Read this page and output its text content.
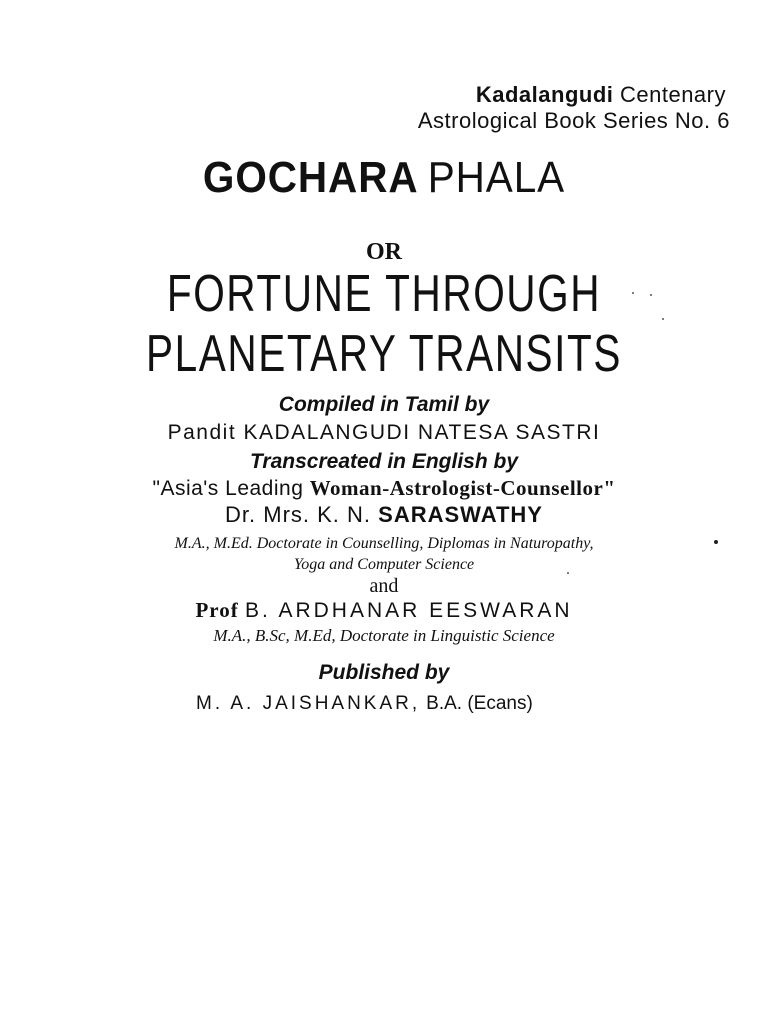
Kadalangudi Centenary
Astrological Book Series No. 6
GOCHARA PHALA
OR
FORTUNE THROUGH
PLANETARY TRANSITS
Compiled in Tamil by
Pandit KADALANGUDI NATESA SASTRI
Transcreated in English by
"Asia's Leading Woman-Astrologist-Counsellor"
Dr. Mrs. K. N. SARASWATHY
M.A., M.Ed. Doctorate in Counselling, Diplomas in Naturopathy,
Yoga and Computer Science
and
Prof B. ARDHANAR EESWARAN
M.A., B.Sc, M.Ed, Doctorate in Linguistic Science
Published by
M. A. JAISHANKAR, B.A. (Ecans)
